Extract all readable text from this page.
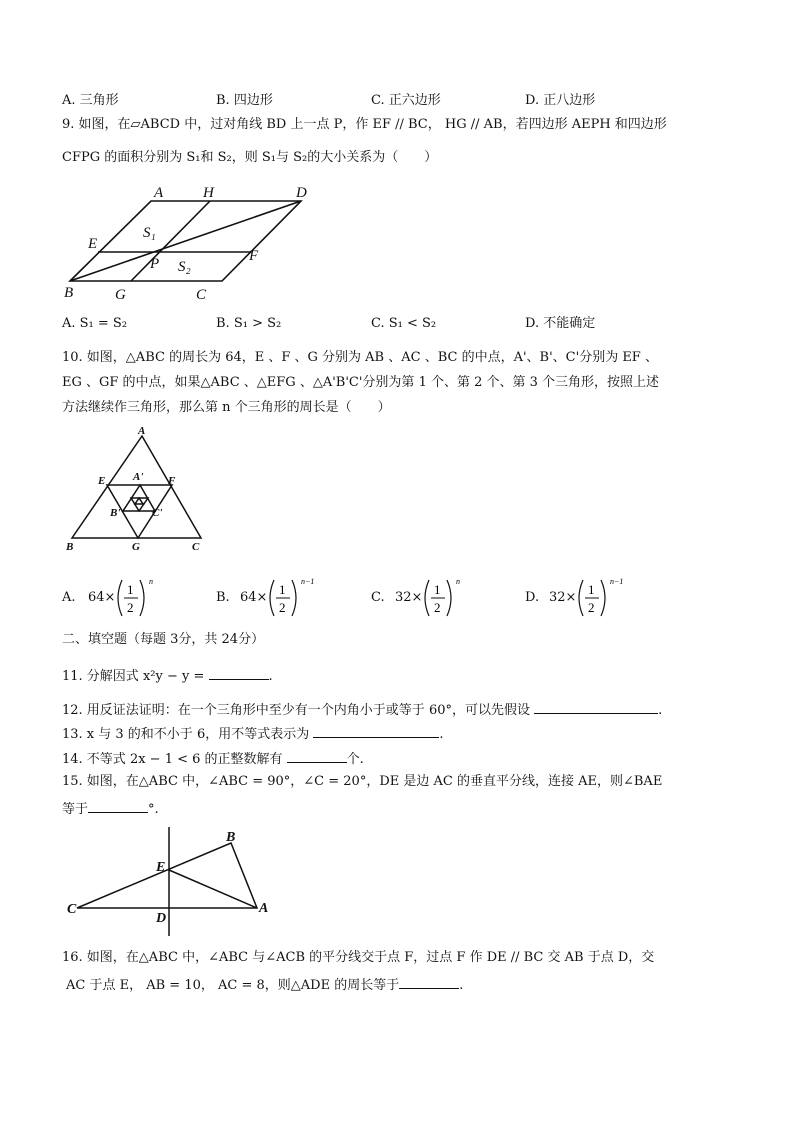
A. 三角形	B. 四边形	C. 正六边形	D. 正八边形
9. 如图，在▱ABCD 中，过对角线 BD 上一点 P，作 EF // BC， HG // AB，若四边形 AEPH 和四边形
CFPG 的面积分别为 S₁和 S₂，则 S₁与 S₂的大小关系为（　　）
A	H	D
E
S₁
P S₂
F
B	G	C
A. S₁ = S₂	B. S₁ > S₂	C. S₁ < S₂	D. 不能确定
10. 如图，△ABC 的周长为 64，E 、F 、G 分别为 AB 、AC 、BC 的中点，A'、B'、C'分别为 EF 、
EG 、GF 的中点，如果△ABC 、△EFG 、△A'B'C'分别为第 1 个、第 2 个、第 3 个三角形，按照上述
方法继续作三角形，那么第 n 个三角形的周长是（　　）
A
A'
E	F
B'	C'
B	G	C
A. 64×
1
2
n
B. 64×
1
2
n−1
C. 32×
1
2
n
D. 32×
1
2
n−1
二、填空题（每题 3分，共 24分）
11. 分解因式 x²y − y =	.
12. 用反证法证明：在一个三角形中至少有一个内角小于或等于 60°，可以先假设	.
13. x 与 3 的和不小于 6，用不等式表示为	.
14. 不等式 2x − 1 < 6 的正整数解有	个.
15. 如图，在△ABC 中，∠ABC = 90°，∠C = 20°，DE 是边 AC 的垂直平分线，连接 AE，则∠BAE
等于	°.
B
E
C
D
A
16. 如图，在△ABC 中，∠ABC 与∠ACB 的平分线交于点 F，过点 F 作 DE // BC 交 AB 于点 D，交
AC 于点 E， AB = 10， AC = 8，则△ADE 的周长等于	.
